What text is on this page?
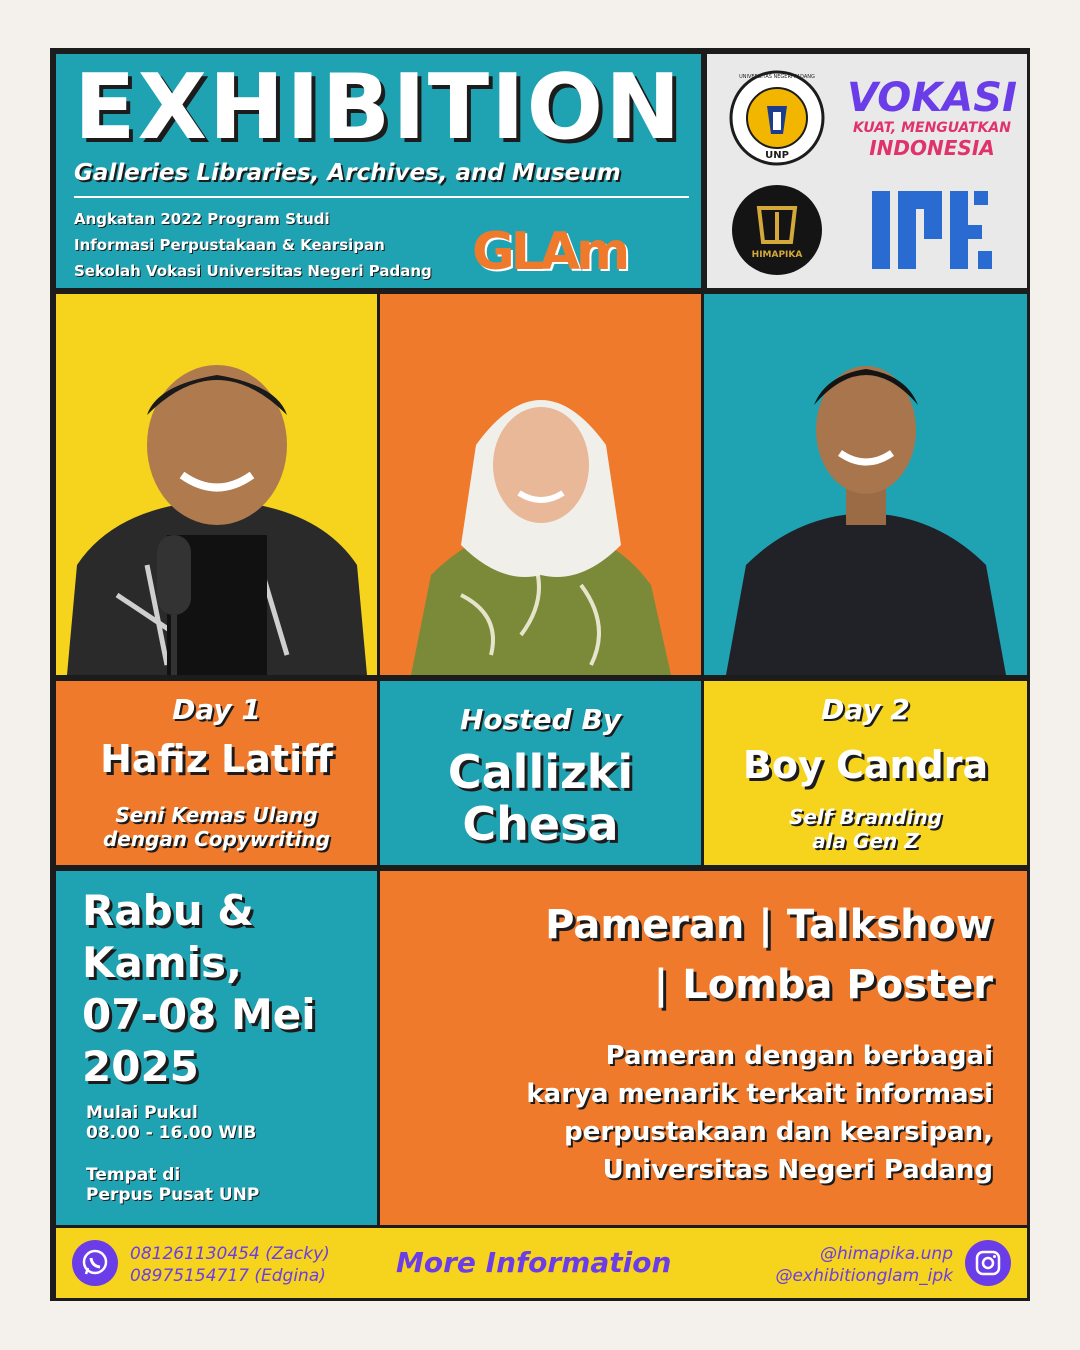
EXHIBITION
Galleries Libraries, Archives, and Museum
Angkatan 2022 Program Studi
Informasi Perpustakaan & Kearsipan
Sekolah Vokasi Universitas Negeri Padang GLAm
UNP
UNIVERSITAS NEGERI PADANG VOKASI
KUAT, MENGUATKAN
INDONESIA
HIMAPIKA
Day 1
Hafiz Latiff
Seni Kemas Ulang
dengan Copywriting
Hosted By
Callizki
Chesa
Day 2
Boy Candra
Self Branding
ala Gen Z
Rabu &
Kamis,
07-08 Mei
2025
Mulai Pukul
08.00 - 16.00 WIB
Tempat di
Perpus Pusat UNP
Pameran | Talkshow
| Lomba Poster
Pameran dengan berbagai
karya menarik terkait informasi
perpustakaan dan kearsipan,
Universitas Negeri Padang
081261130454 (Zacky)
08975154717 (Edgina)	More Information	@himapika.unp
@exhibitionglam_ipk
